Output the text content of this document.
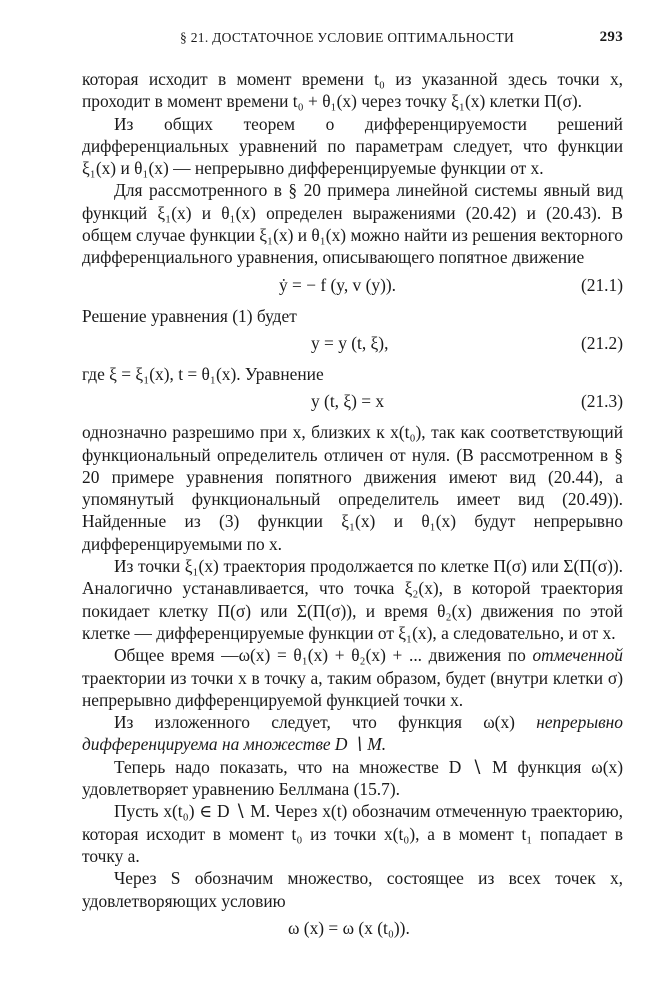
§ 21. ДОСТАТОЧНОЕ УСЛОВИЕ ОПТИМАЛЬНОСТИ	293

которая исходит в момент времени t₀ из указанной здесь точки x, проходит в момент времени t₀ + θ₁(x) через точку ξ₁(x) клетки Π(σ).

Из общих теорем о дифференцируемости решений дифференциальных уравнений по параметрам следует, что функции ξ₁(x) и θ₁(x) — непрерывно дифференцируемые функции от x.

Для рассмотренного в § 20 примера линейной системы явный вид функций ξ₁(x) и θ₁(x) определен выражениями (20.42) и (20.43). В общем случае функции ξ₁(x) и θ₁(x) можно найти из решения векторного дифференциального уравнения, описывающего попятное движение

ẏ = − f (y, v (y)).	(21.1)

Решение уравнения (1) будет

y = y (t, ξ),	(21.2)

где ξ = ξ₁(x), t = θ₁(x). Уравнение

y (t, ξ) = x	(21.3)

однозначно разрешимо при x, близких к x(t₀), так как соответствующий функциональный определитель отличен от нуля. (В рассмотренном в § 20 примере уравнения попятного движения имеют вид (20.44), а упомянутый функциональный определитель имеет вид (20.49)). Найденные из (3) функции ξ₁(x) и θ₁(x) будут непрерывно дифференцируемыми по x.

Из точки ξ₁(x) траектория продолжается по клетке Π(σ) или Σ(Π(σ)). Аналогично устанавливается, что точка ξ₂(x), в которой траектория покидает клетку Π(σ) или Σ(Π(σ)), и время θ₂(x) движения по этой клетке — дифференцируемые функции от ξ₁(x), а следовательно, и от x.

Общее время —ω(x) = θ₁(x) + θ₂(x) + ... движения по отмеченной траектории из точки x в точку a, таким образом, будет (внутри клетки σ) непрерывно дифференцируемой функцией точки x.

Из изложенного следует, что функция ω(x) непрерывно дифференцируема на множестве D ∖ M.

Теперь надо показать, что на множестве D ∖ M функция ω(x) удовлетворяет уравнению Беллмана (15.7).

Пусть x(t₀) ∈ D ∖ M. Через x(t) обозначим отмеченную траекторию, которая исходит в момент t₀ из точки x(t₀), а в момент t₁ попадает в точку a.

Через S обозначим множество, состоящее из всех точек x, удовлетворяющих условию

ω (x) = ω (x (t₀)).
